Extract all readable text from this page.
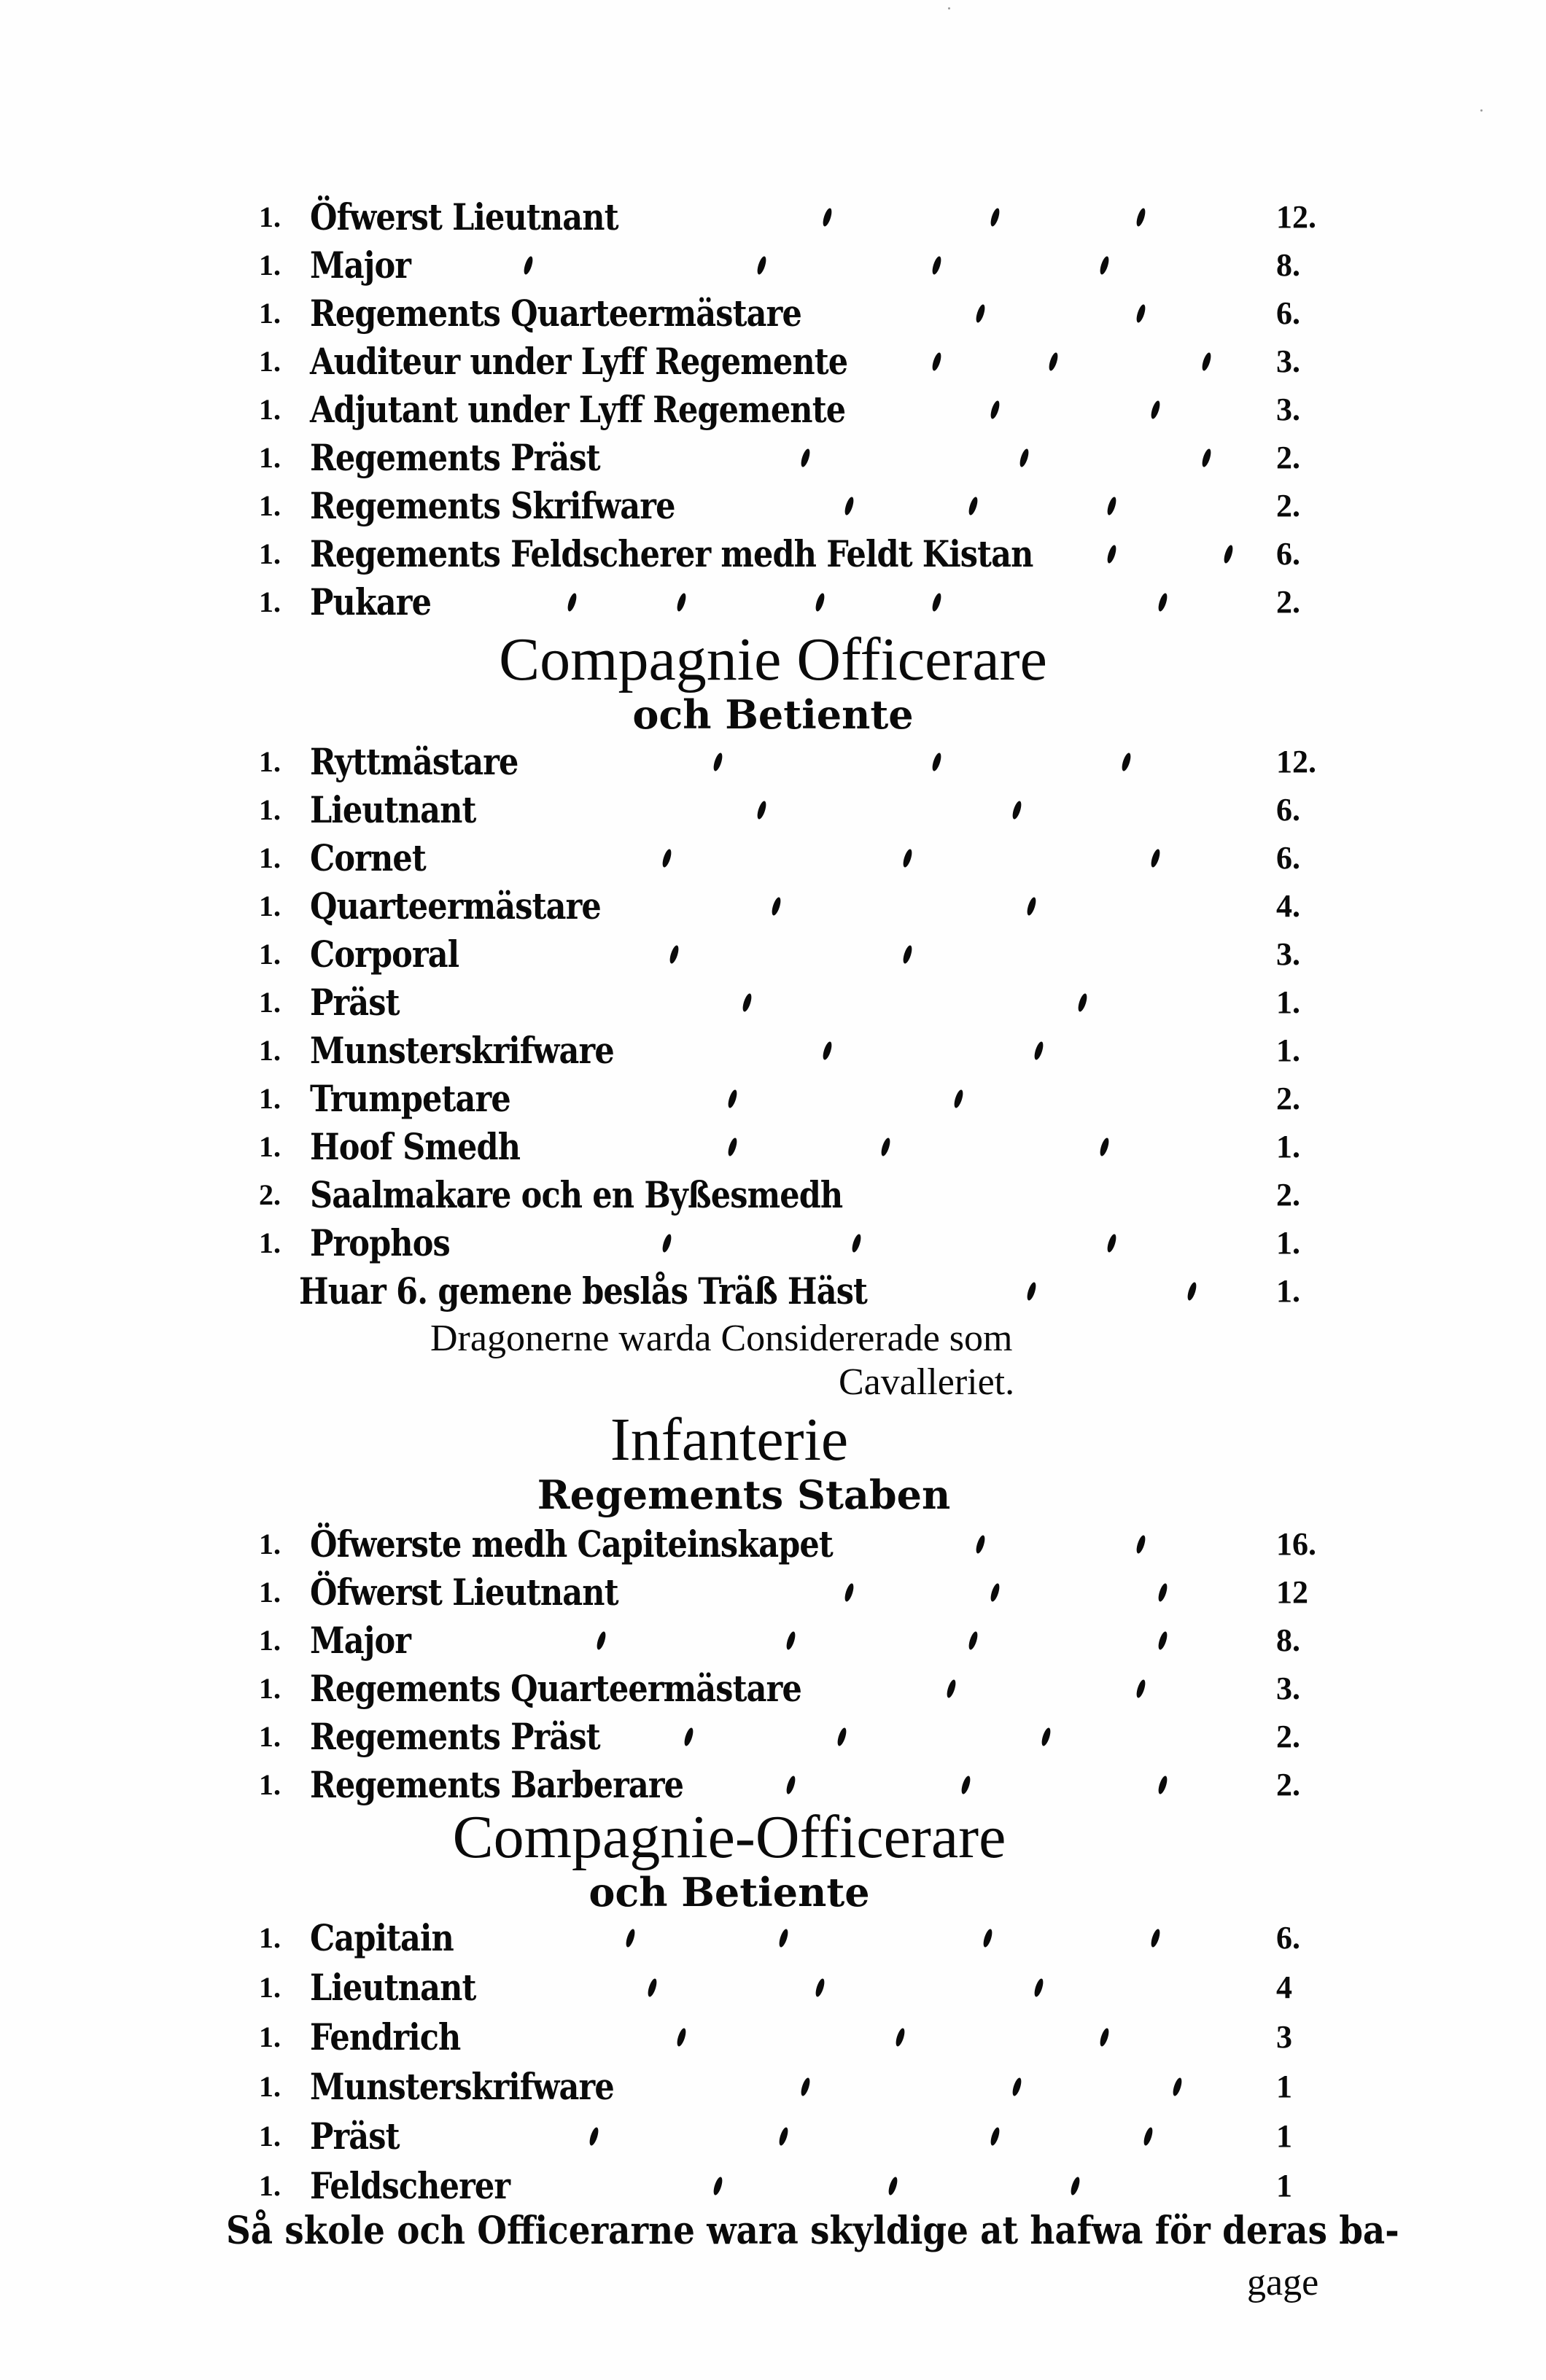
1. Öfwerst Lieutnant	12.
1. Major	8.
1. Regements Quarteermästare	6.
1. Auditeur under Lyff Regemente	3.
1. Adjutant under Lyff Regemente	3.
1. Regements Präst	2.
1. Regements Skrifware	2.
1. Regements Feldscherer medh Feldt Kistan	6.
1. Pukare	2.
Compagnie Officerare
och Betiente
1. Ryttmästare	12.
1. Lieutnant	6.
1. Cornet	6.
1. Quarteermästare	4.
1. Corporal	3.
1. Präst	1.
1. Munsterskrifware	1.
1. Trumpetare	2.
1. Hoof Smedh	1.
2. Saalmakare och en Byßesmedh	2.
1. Prophos	1.
Huar 6. gemene beslås Träß Häst	1.
Dragonerne warda Considererade som
Cavalleriet.
Infanterie
Regements Staben
1. Öfwerste medh Capiteinskapet	16.
1. Öfwerst Lieutnant	12
1. Major	8.
1. Regements Quarteermästare	3.
1. Regements Präst	2.
1. Regements Barberare	2.
Compagnie-Officerare
och Betiente
1. Capitain	6.
1. Lieutnant	4
1. Fendrich	3
1. Munsterskrifware	1
1. Präst	1
1. Feldscherer	1
Så skole och Officerarne wara skyldige at hafwa för deras ba-
gage
